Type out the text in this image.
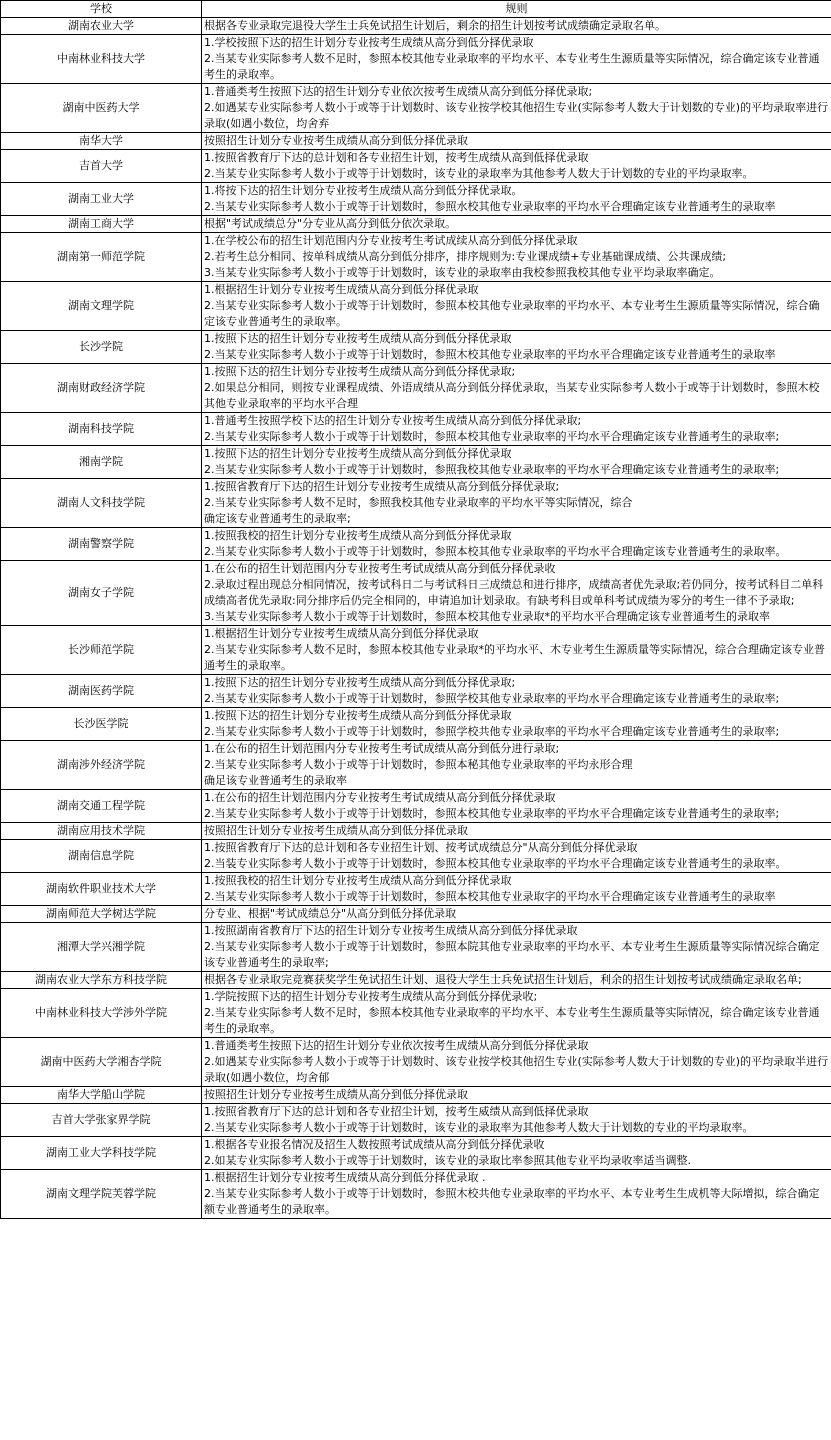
学校	规则
湖南农业大学	根据各专业录取完退役大学生士兵免试招生计划后，剩余的招生计划按考试成绩确定录取名单。

中南林业科技大学	1.学校按照下达的招生计划分专业按考生成绩从高分到低分择优录取
2.当某专业实际参考人数不足时，参照本校其他专业录取率的平均水平、本专业考生生源质量等实际情况，综合确定该专业普通考生的录取率。

湖南中医药大学	1.普通类考生按照下达的招生计划分专业依次按考生成绩从高分到低分择优录取;
2.如遇某专业实际参考人数小于或等于计划数时、该专业按学校其他招生专业(实际参考人数大于计划数的专业)的平均录取率进行录取(如遇小数位，均舍弃

南华大学	按照招生计划分专业按考生成绩从高分到低分择优录取

吉首大学	1.按照省教育厅下达的总计划和各专业招生计划，按考生成绩从高到低择优录取
2.当某专业实际参考人数小于或等于计划数时，该专业的录取率为其他参考人数大于计划数的专业的平均录取率。

湖南工业大学	1.将按下达的招生计划分专业按考生成绩从高分到低分择优录取。
2.当某专业实际参考人数小于或等于计划数时，参照水校其他专业录取率的平均水平合理确定该专业普通考生的录取率

湖南工商大学	根据"考试成绩总分"分专业从高分到低分依次录取。

湖南第一师范学院	1.在学校公布的招生计划范围内分专业按考生考试成续从高分到低分择优录取
2.若考生总分相同、按单科成绩从高分到低分排序，排序规则为:专业课成绩+专业基础课成绩、公共课成绩;
3.当某专业实际参考人数小于或等于计划数时，该专业的录取率由我校参照我校其他专业平均录取率确定。

湖南文理学院	1.根据招生计划分专业按考生成绩从高分到低分择优录取
2.当某专业实际参考人数小于或等于计划数时，参照本校其他专业录取率的平均水平、本专业考生生源质量等实际情况，综合确定该专业普通考生的录取率。

长沙学院	1.按照下达的招生计划分专业按考生成绩从高分到低分择优录取
2.当某专业实际参考人数小于或等于计划数时，参照木校其他专业录取率的平均水平合理确定该专业普通考生的录取率

湖南财政经济学院	1.按照下达的招生计划分专业按考生成绩从高分到低分择优录取;
2.如果总分相同，则按专业课程成绩、外语成绩从高分到低分择优录取，当某专业实际参考人数小于或等于计划数时，参照木校其他专业录取率的平均水平合理

湖南科技学院	1.普通考生按照学校下达的招生计划分专业按考生成绩从高分到低分择优录取;
2.当某专业实际参考人数小于或等于计划数时，参照本校其他专业录取率的平均水平合理确定该专业普通考生的录取率;

湘南学院	1.按照下达的招生计划分专业按考生成绩从高分到低分择优录取
2.当某专业实际参考人数小于或等于计划数时，参照我校其他专业录取率的平均水平合理确定该专业普通考生的录取率;

湖南人文科技学院	1.按照省教育厅下达的招生计划分专业按考生成绩从高分到低分择优录取;
2.当某专业实际参考人数不足时，参照我校其他专业录取率的平均水平等实际情况，综合
确定该专业普通考生的录取率;

湖南警察学院	1.按照我校的招生计划分专业按考生成绩从高分到低分择优录取
2.当某专业实际参考人数小于或等于计划数时，参照本校其他专业录取率的平均水平合理确定该专业普通考生的录取率。

湖南女子学院	1.在公布的招生计划范围内分专业按考生考试成绩从高分到低分择优录收
2.录取过程出现总分相同情况，按考试科日二与考试科日三成绩总和进行排序，成绩高者优先录取;若仍同分，按考试科目二单科成绩高者优先录取:同分排序后仍完全相同的，申请追加计划录取。有缺考科目或单科考试成绩为零分的考生一律不予录取;
3.当某专业实际参考人数小于或等于计划数时，参照本校其他专业录取*的平均水平合理确定该专业普通考生的录取率

长沙师范学院	1.根据招生计划分专业按考生成绩从高分到低分择优录取
2.当某专业实际参考人数不足时，参照本校其他专业录取*的平均水平、木专业考生生源质量等实际情况，综合合理确定该专业普通考生的录取率。

湖南医药学院	1.按照下达的招生计划分专业按考生成绩从高分到低分择优录取;
2.当某专业实际参考人数小于或等于计划数时，参照学校其他专业录取率的平均水平合理确定该专业普通考生的录取率;

长沙医学院	1.按照下达的招生计划分专业按考生成绩从高分到低分择优录取
2.当某专业实际参考人数小于或等于计划数时，参照学校共他专业录取率的平均水平合理确定该专业普通考生的录取率;

湖南涉外经济学院	1.在公布的招生计划范围内分专业按考生考试成绩从高分到低分进行录取;
2.当某专业实际参考人数小于或等于计划数时，参照本秘其他专业录取率的平均永形合理
确足该专业普通考生的录取率

湖南交通工程学院	1.在公布的招生计划范围内分专业按考生考试成绩从高分到低分择优录取
2.当某专业实际参考人数小于或等于计划数时，参照本校其他专业录取率的平均水平合理确定该专业普通考生的录取率;

湖南应用技术学院	按照招生计划分专业按考生成绩从高分到低分择优录取

湖南信息学院	1.按照省教育厅下达的总计划和各专业招生计划、按考试成绩总分"从高分到低分择优录取
2.当装专业实际参考人数小于或等于计划数时，参照本校其他专业录取率的平均水平合理确定该专业普通考生的录取率。

湖南软件职业技术大学	1.按照我校的招生计划分专业按考生成绩从高分到低分择优录取
2.当某专业实际参考人数小于或等于计划数时，参照本校其他专业录取字的平均水平合理确定该专业普通考生的录取率

湖南师范大学树达学院	分专业、根据"考试成绩总分"从高分到低分择优录取

湘潭大学兴湘学院	1.按照湖南省教育厅下达的招生计划分专业按考生成绩从高分到低分择优录取
2.当某专业实际参考人数小于或等于计划数时，参照本院其他专业录取率的平均水平、本专业考生生源质量等实际情况综合确定该专业普通考生的录取率;

湖南农业大学东方科技学院	根据各专业录取完竞赛获奖学生免试招生计划、退役大学生士兵免试招生计划后，利余的招生计划按考试成绩确定录取名单;

中南林业科技大学涉外学院	1.学院按照下达的招生计划分专业按考生成绩从高分到低分择优录收;
2.当某专业实际参考人数不足时，参照本校其他专业录取率的平均水平、本专业考生生源质量等实际情况，综合确定该专业普通考生的录取率。

湖南中医药大学湘杏学院	1.普通类考生按照下达的招生计划分专业依次按考生成绩从高分到低分择优录取
2.如遇某专业实际参考人数小于或等于计划数时、该专业按学校其他招生专业(实际参考人数大于计划数的专业)的平均录取半进行录取(如遇小数位，均舍郁

南华大学船山学院	按照招生计划分专业按考生成绩从高分到低分择优录取

吉首大学张家界学院	1.按照省教育厅下达的总计划和各专业招尘计划，按考生威绩从高到低择优录取
2.当某专业实际参考人数小于或等于计划数时，该专业的录取率为其他参考人数大于计划数的专业的平均录取率。

湖南工业大学科技学院	1.根据各专业报名情况及招生人数按照考试成绩从高分到低分择优录收
2.如某专业实际参考人数小于或等于计划数时，该专业的录取比率参照其他专业平均录收率适当调整.

湖南文理学院芙蓉学院	1.根据招生计划分专业按考生成绩从高分到低分择优录取 .
2.当某专业实际参考人数小于或等于计划数时，参照木校共他专业录取率的平均水平、本专业考生生成机等大际增拟，综合确定额专业普通考生的录取率。
